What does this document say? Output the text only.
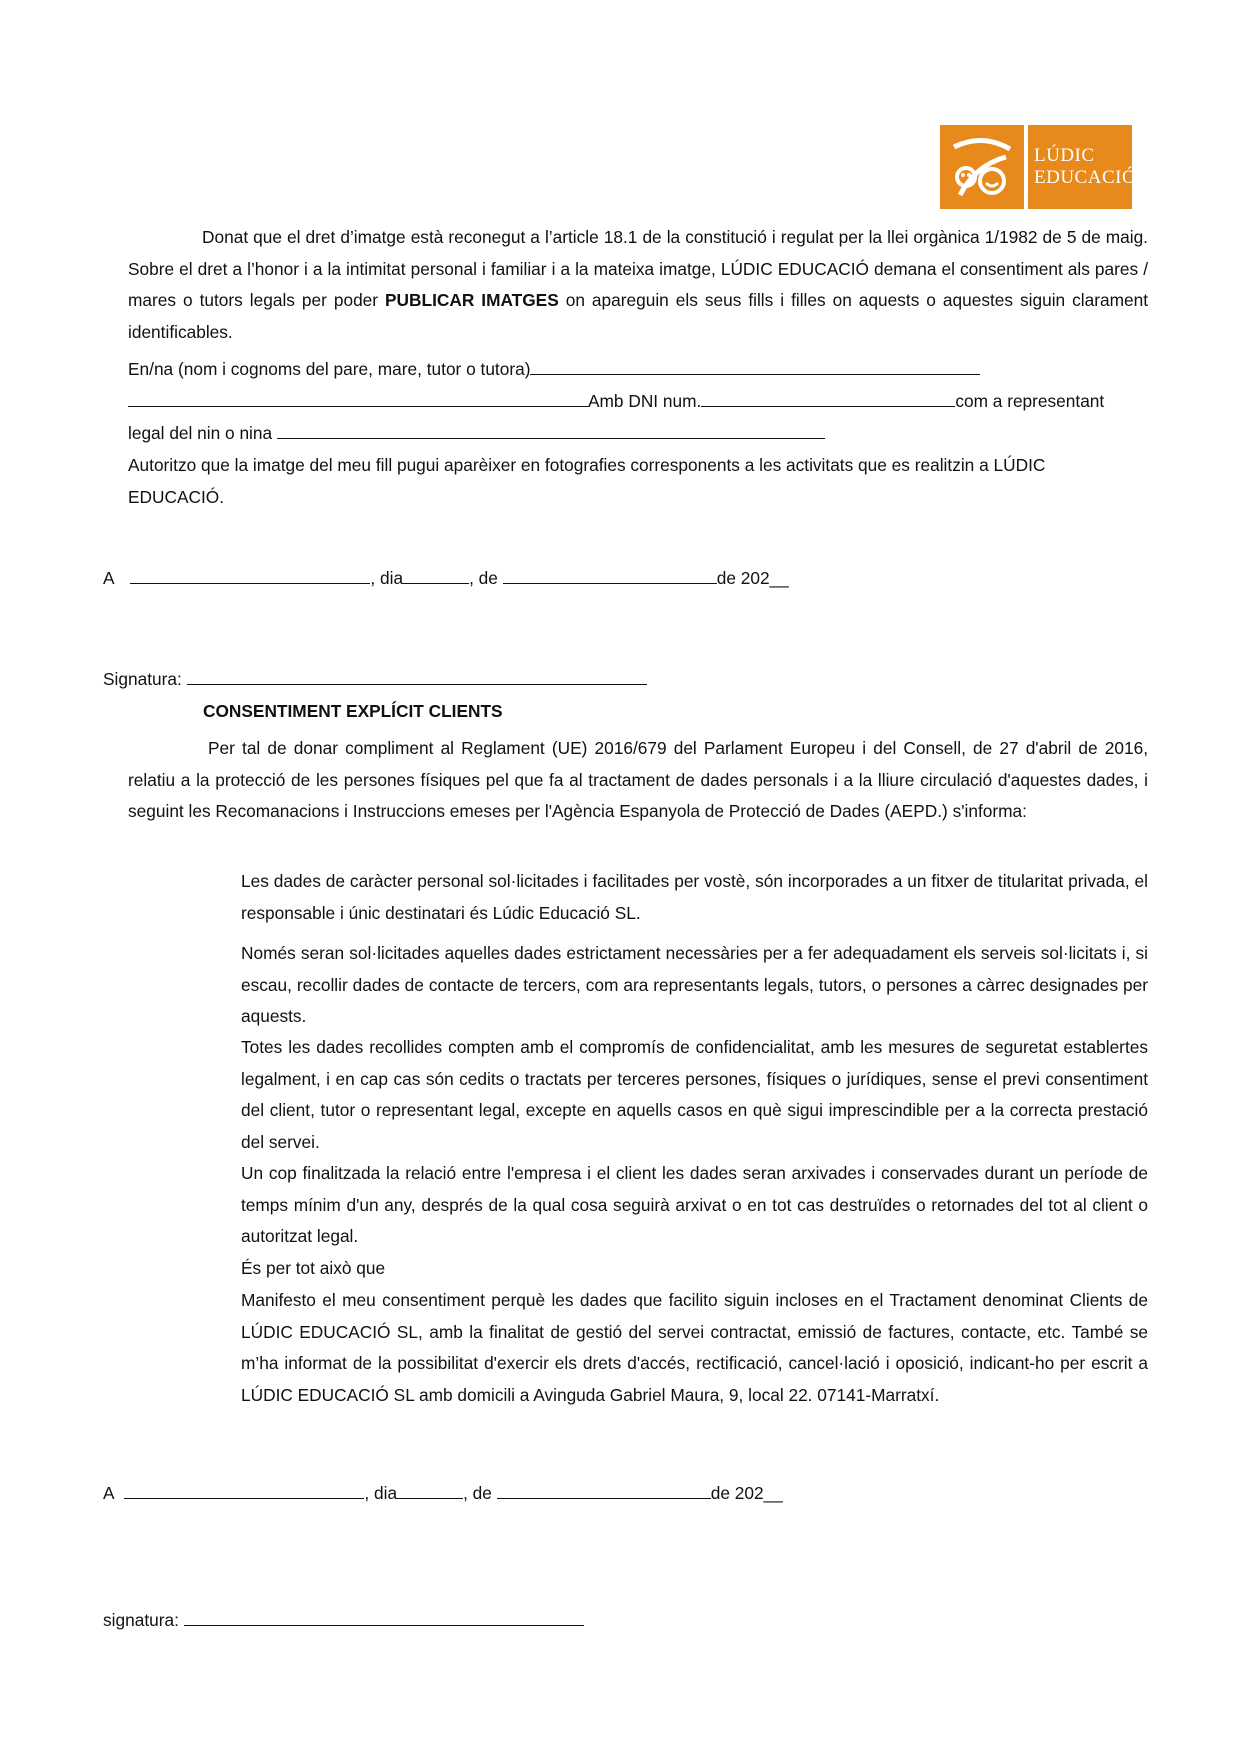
LÚDIC
EDUCACIÓ

Donat que el dret d’imatge està reconegut a l’article 18.1 de la constitució i regulat per la llei orgànica 1/1982 de 5 de maig. Sobre el dret a l’honor i a la intimitat personal i familiar i a la mateixa imatge, LÚDIC EDUCACIÓ demana el consentiment als pares / mares o tutors legals per poder PUBLICAR IMATGES on apareguin els seus fills i filles on aquests o aquestes siguin clarament identificables.

En/na (nom i cognoms del pare, mare, tutor o tutora)
Amb DNI num.	com a representant
legal del nin o nina

Autoritzo que la imatge del meu fill pugui aparèixer en fotografies corresponents a les activitats que es realitzin a LÚDIC EDUCACIÓ.

A	, dia	, de	de 202__
Signatura:
CONSENTIMENT EXPLÍCIT CLIENTS

Per tal de donar compliment al Reglament (UE) 2016/679 del Parlament Europeu i del Consell, de 27 d'abril de 2016, relatiu a la protecció de les persones físiques pel que fa al tractament de dades personals i a la lliure circulació d'aquestes dades, i seguint les Recomanacions i Instruccions emeses per l'Agència Espanyola de Protecció de Dades (AEPD.) s'informa:

Les dades de caràcter personal sol·licitades i facilitades per vostè, són incorporades a un fitxer de titularitat privada, el responsable i únic destinatari és Lúdic Educació SL.

Només seran sol·licitades aquelles dades estrictament necessàries per a fer adequadament els serveis sol·licitats i, si escau, recollir dades de contacte de tercers, com ara representants legals, tutors, o persones a càrrec designades per aquests.

Totes les dades recollides compten amb el compromís de confidencialitat, amb les mesures de seguretat establertes legalment, i en cap cas són cedits o tractats per terceres persones, físiques o jurídiques, sense el previ consentiment del client, tutor o representant legal, excepte en aquells casos en què sigui imprescindible per a la correcta prestació del servei.

Un cop finalitzada la relació entre l'empresa i el client les dades seran arxivades i conservades durant un període de temps mínim d'un any, després de la qual cosa seguirà arxivat o en tot cas destruïdes o retornades del tot al client o autoritzat legal.

És per tot això que

Manifesto el meu consentiment perquè les dades que facilito siguin incloses en el Tractament denominat Clients de LÚDIC EDUCACIÓ SL, amb la finalitat de gestió del servei contractat, emissió de factures, contacte, etc. També se m’ha informat de la possibilitat d'exercir els drets d'accés, rectificació, cancel·lació i oposició, indicant-ho per escrit a LÚDIC EDUCACIÓ SL amb domicili a Avinguda Gabriel Maura, 9, local 22. 07141-Marratxí.

A	, dia	, de	de 202__
signatura:
